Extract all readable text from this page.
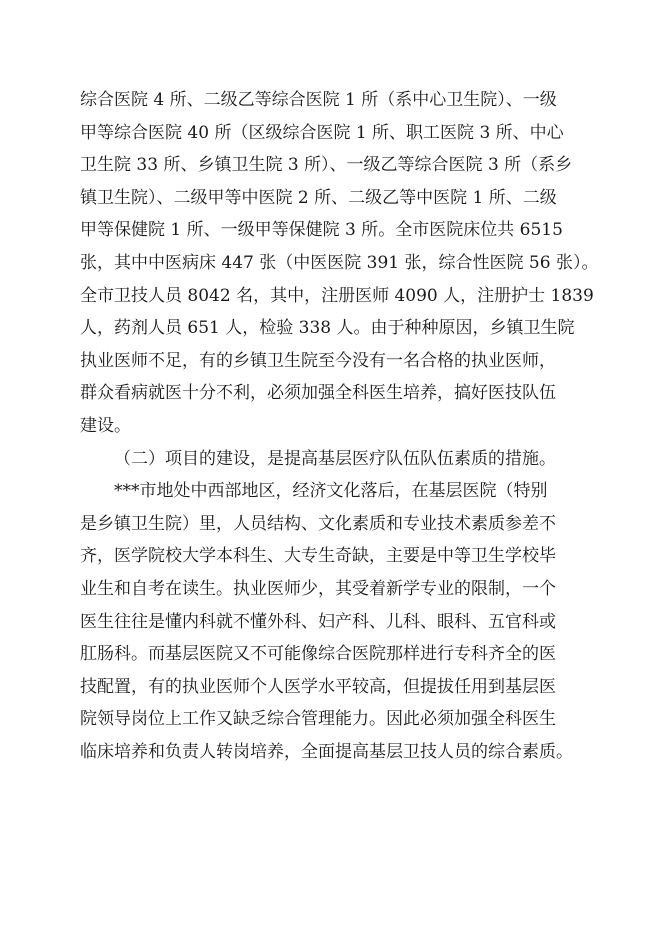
综合医院 4 所、二级乙等综合医院 1 所（系中心卫生院）、一级
甲等综合医院 40 所（区级综合医院 1 所、职工医院 3 所、中心
卫生院 33 所、乡镇卫生院 3 所）、一级乙等综合医院 3 所（系乡
镇卫生院）、二级甲等中医院 2 所、二级乙等中医院 1 所、二级
甲等保健院 1 所、一级甲等保健院 3 所。全市医院床位共 6515
张，其中中医病床 447 张（中医医院 391 张，综合性医院 56 张）。
全市卫技人员 8042 名，其中，注册医师 4090 人，注册护士 1839
人，药剂人员 651 人，检验 338 人。由于种种原因，乡镇卫生院
执业医师不足，有的乡镇卫生院至今没有一名合格的执业医师，
群众看病就医十分不利，必须加强全科医生培养，搞好医技队伍
建设。
（二）项目的建设，是提高基层医疗队伍队伍素质的措施。
***市地处中西部地区，经济文化落后，在基层医院（特别
是乡镇卫生院）里，人员结构、文化素质和专业技术素质参差不
齐，医学院校大学本科生、大专生奇缺，主要是中等卫生学校毕
业生和自考在读生。执业医师少，其受着新学专业的限制，一个
医生往往是懂内科就不懂外科、妇产科、儿科、眼科、五官科或
肛肠科。而基层医院又不可能像综合医院那样进行专科齐全的医
技配置，有的执业医师个人医学水平较高，但提拔任用到基层医
院领导岗位上工作又缺乏综合管理能力。因此必须加强全科医生
临床培养和负责人转岗培养，全面提高基层卫技人员的综合素质。
